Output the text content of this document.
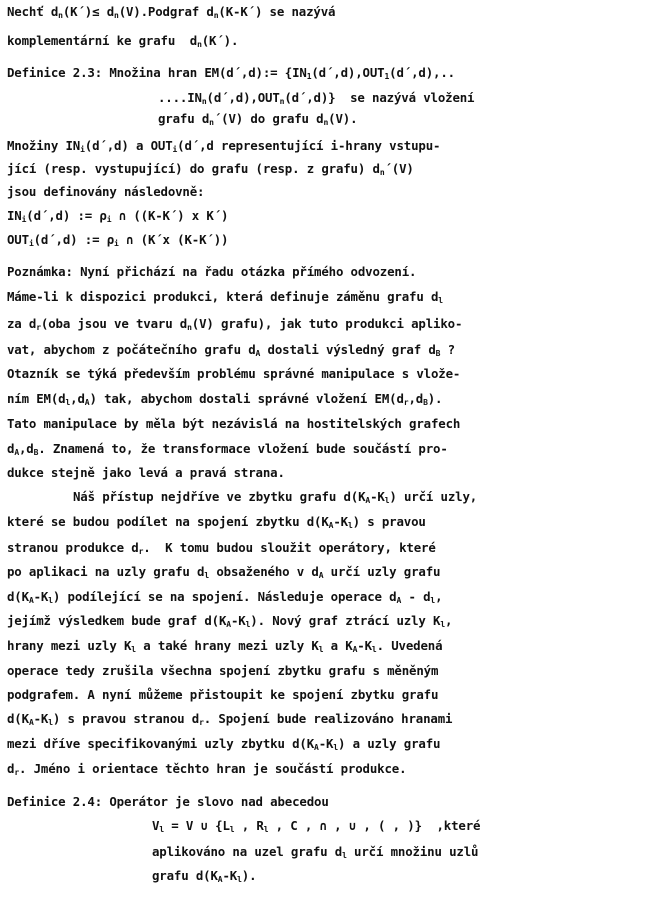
Nechť $d_n(K´)\le$ $d_n(V).Podgraf$ $d_n(K-K´)$ se nazývá
komplementární ke grafu  $d_n(K´)$.
Definice 2.3: Množina hran EM(d´,d):= {$IN_1(d´,d),OUT_1(d´,d)$,..
$....IN_n(d´,d),OUT_n(d´,d)$}  se nazývá vložení
grafu $d_n´(V)$ do grafu $d_n(V)$.
Množiny $IN_i(d´,d)$ a $OUT_i(d´,d$ representující i-hrany vstupu-
jící (resp. vystupující) do grafu (resp. z grafu) $d_n´(V)$
jsou definovány následovně:
$IN_i(d´,d)$ := $\rho_i$ ∩ ((K-K´) x K´)
$OUT_i(d´,d)$ := $\rho_i$ ∩ (K´x (K-K´))
Poznámka: Nyní přichází na řadu otázka přímého odvození.
Máme-li k dispozici produkci, která definuje záměnu grafu $d_l$
za $d_r(oba$ jsou ve tvaru $d_n(V)$ grafu), jak tuto produkci apliko-
vat, abychom z počátečního grafu $d_A$ dostali výsledný graf $d_B$ ?
Otazník se týká především problému správné manipulace s vlože-
ním $EM(d_l,d_A)$ tak, abychom dostali správné vložení $EM(d_r,d_B)$.
Tato manipulace by měla být nezávislá na hostitelských grafech
$d_A,d_B$. Znamená to, že transformace vložení bude součástí pro-
dukce stejně jako levá a pravá strana.
Náš přístup nejdříve ve zbytku grafu $d(K_A-K_l)$ určí uzly,
které se budou podílet na spojení zbytku $d(K_A-K_l)$ s pravou
stranou produkce $d_r$.  K tomu budou sloužit operátory, které
po aplikaci na uzly grafu $d_l$ obsaženého v $d_A$ určí uzly grafu
$d(K_A-K_l)$ podílející se na spojení. Následuje operace $d_A - d_l$,
jejímž výsledkem bude graf $d(K_A-K_l)$. Nový graf ztrácí uzly $K_l$,
hrany mezi uzly $K_l$ a také hrany mezi uzly $K_l$ a $K_A-K_l$. Uvedená
operace tedy zrušila všechna spojení zbytku grafu s měněným
podgrafem. A nyní můžeme přistoupit ke spojení zbytku grafu
$d(K_A-K_l)$ s pravou stranou $d_r$. Spojení bude realizováno hranami
mezi dříve specifikovanými uzly zbytku $d(K_A-K_l)$ a uzly grafu
$d_r$. Jméno i orientace těchto hran je součástí produkce.
Definice 2.4: Operátor je slovo nad abecedou
$V_l = V$ ∪ {$L_l$ , $R_l$ , C , ∩ , ∪ , ( , )}  ,které
aplikováno na uzel grafu $d_l$ určí množinu uzlů
grafu $d(K_A-K_l)$.
